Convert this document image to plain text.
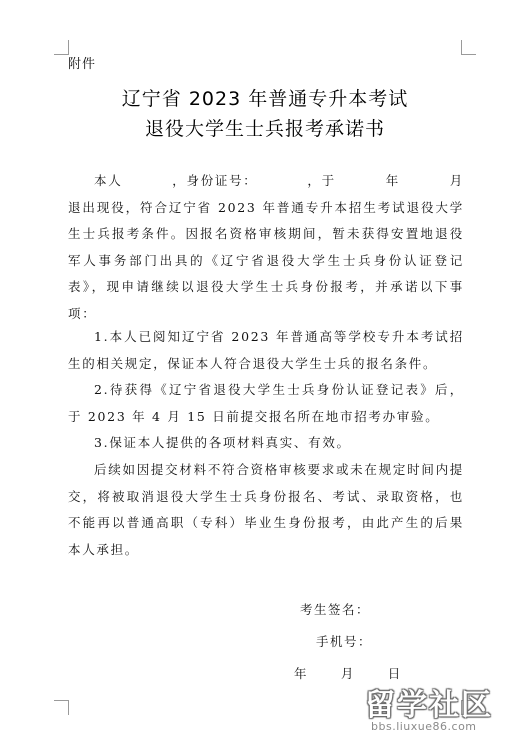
附件
辽宁省 2023 年普通专升本考试
退役大学生士兵报考承诺书
本人	，身份证号：	，于	年	月

退出现役，符合辽宁省 2023 年普通专升本招生考试退役大学生士兵报考条件。因报名资格审核期间，暂未获得安置地退役军人事务部门出具的《辽宁省退役大学生士兵身份认证登记表》，现申请继续以退役大学生士兵身份报考，并承诺以下事项：

1.本人已阅知辽宁省 2023 年普通高等学校专升本考试招生的相关规定，保证本人符合退役大学生士兵的报名条件。

2.待获得《辽宁省退役大学生士兵身份认证登记表》后，于 2023 年 4 月 15 日前提交报名所在地市招考办审验。

3.保证本人提供的各项材料真实、有效。

后续如因提交材料不符合资格审核要求或未在规定时间内提交，将被取消退役大学生士兵身份报名、考试、录取资格，也不能再以普通高职（专科）毕业生身份报考，由此产生的后果本人承担。

考生签名：
手机号：
年	月	日
留学社区
bbs.liuxue86.com
